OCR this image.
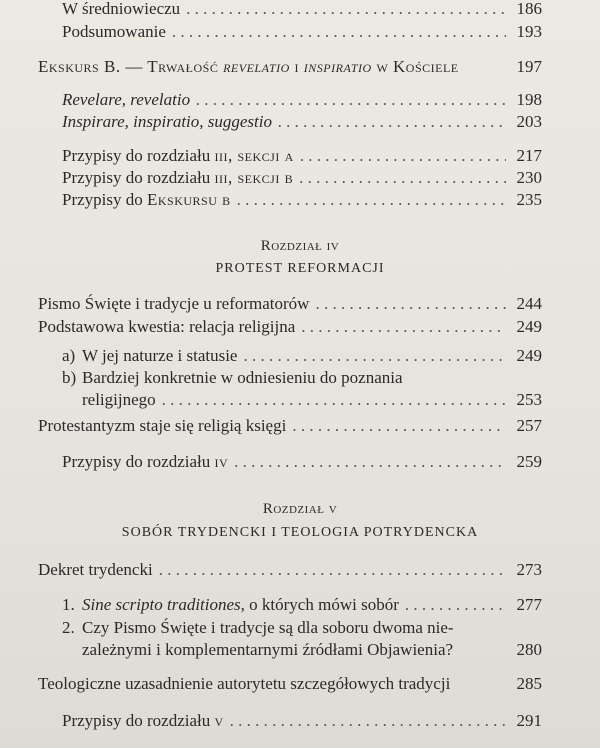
W średniowieczu . . .	186
Podsumowanie . . .	193
Ekskurs B. — Trwałość revelatio i inspiratio w Kościele	197
Revelare, revelatio . . .	198
Inspirare, inspiratio, suggestio . . .	203
Przypisy do rozdziału iii, sekcji a . . .	217
Przypisy do rozdziału iii, sekcji b . . .	230
Przypisy do Ekskursu b . . .	235
Rozdział iv
PROTEST REFORMACJI
Pismo Święte i tradycje u reformatorów . . .	244
Podstawowa kwestia: relacja religijna . . .	249
a) W jej naturze i statusie . . .	249
b) Bardziej konkretnie w odniesieniu do poznania
religijnego . . .	253
Protestantyzm staje się religią księgi . . .	257
Przypisy do rozdziału iv . . .	259
Rozdział v
SOBÓR TRYDENCKI I TEOLOGIA POTRYDENCKA
Dekret trydencki . . .	273
1. Sine scripto traditiones, o których mówi sobór . . .	277
2. Czy Pismo Święte i tradycje są dla soboru dwoma nie-
zależnymi i komplementarnymi źródłami Objawienia?	280
Teologiczne uzasadnienie autorytetu szczegółowych tradycji	285
Przypisy do rozdziału v . . .	291
